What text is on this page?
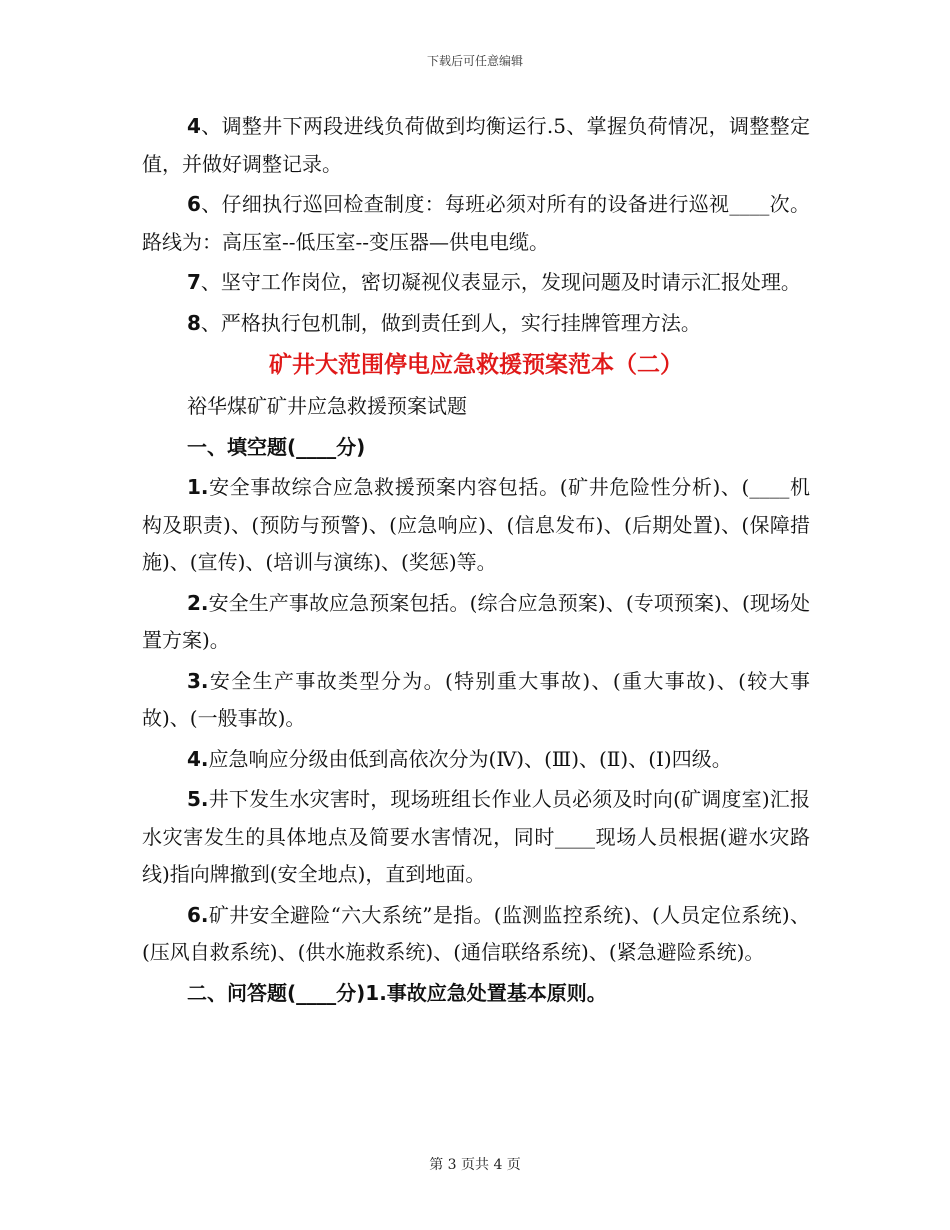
下载后可任意编辑

4、调整井下两段进线负荷做到均衡运行.5、掌握负荷情况，调整整定值，并做好调整记录。

6、仔细执行巡回检查制度：每班必须对所有的设备进行巡视____次。路线为：高压室--低压室--变压器—供电电缆。

7、坚守工作岗位，密切凝视仪表显示，发现问题及时请示汇报处理。

8、严格执行包机制，做到责任到人，实行挂牌管理方法。

矿井大范围停电应急救援预案范本（二）

裕华煤矿矿井应急救援预案试题

一、填空题(____分)

1.安全事故综合应急救援预案内容包括。(矿井危险性分析)、(____机构及职责)、(预防与预警)、(应急响应)、(信息发布)、(后期处置)、(保障措施)、(宣传)、(培训与演练)、(奖惩)等。

2.安全生产事故应急预案包括。(综合应急预案)、(专项预案)、(现场处置方案)。

3.安全生产事故类型分为。(特别重大事故)、(重大事故)、(较大事故)、(一般事故)。

4.应急响应分级由低到高依次分为(Ⅳ)、(Ⅲ)、(Ⅱ)、(Ⅰ)四级。

5.井下发生水灾害时，现场班组长作业人员必须及时向(矿调度室)汇报水灾害发生的具体地点及简要水害情况，同时____现场人员根据(避水灾路线)指向牌撤到(安全地点)，直到地面。

6.矿井安全避险“六大系统”是指。(监测监控系统)、(人员定位系统)、(压风自救系统)、(供水施救系统)、(通信联络系统)、(紧急避险系统)。

二、问答题(____分)1.事故应急处置基本原则。

第 3 页共 4 页
